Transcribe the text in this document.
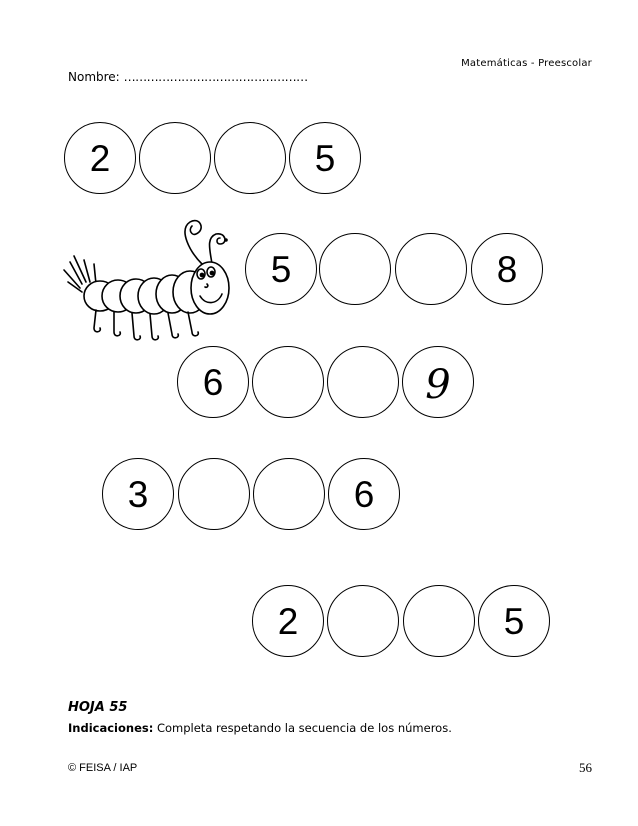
Matemáticas - Preescolar
Nombre: …………………………………………
2	5
5	8
6	9
3	6
2	5
HOJA 55
Indicaciones: Completa respetando la secuencia de los números.
© FEISA / IAP	56
